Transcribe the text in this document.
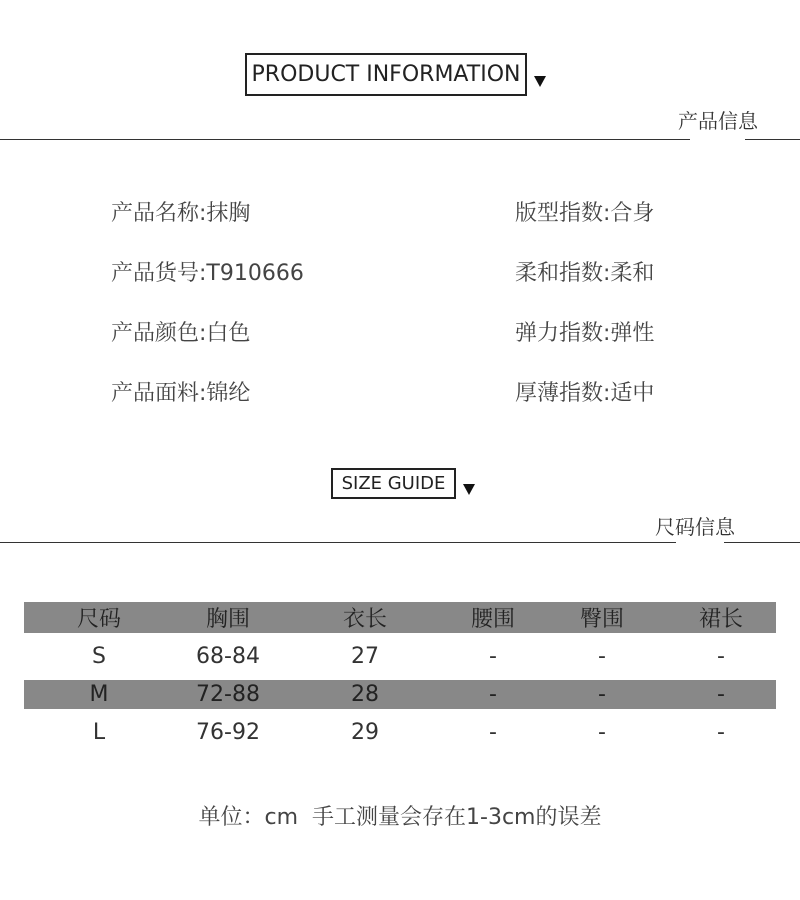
PRODUCT INFORMATION
产品信息
产品名称:抹胸
产品货号:T910666
产品颜色:白色
产品面料:锦纶
版型指数:合身
柔和指数:柔和
弹力指数:弹性
厚薄指数:适中
SIZE GUIDE
尺码信息
尺码	胸围	衣长	腰围	臀围	裙长
S	68-84	27	-	-	-
M	72-88	28	-	-	-
L	76-92	29	-	-	-
单位：cm  手工测量会存在1-3cm的误差
